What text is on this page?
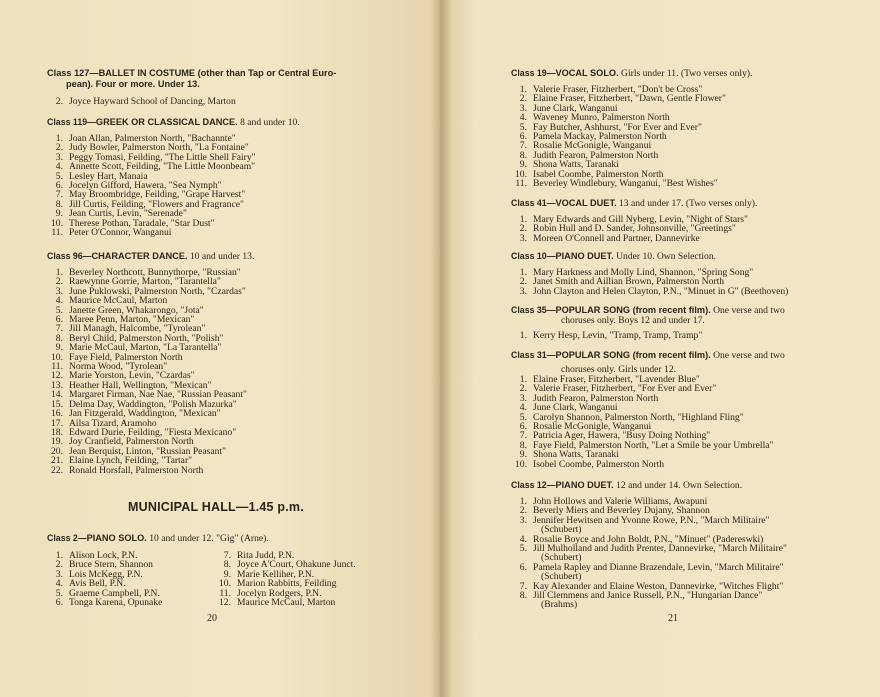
Class 127—BALLET IN COSTUME (other than Tap or Central Euro-
pean). Four or more. Under 13.
2. Joyce Hayward School of Dancing, Marton
Class 119—GREEK OR CLASSICAL DANCE. 8 and under 10.
1. Joan Allan, Palmerston North, "Bachannte"
2. Judy Bowler, Palmerston North, "La Fontaine"
3. Peggy Tomasi, Feilding, "The Little Shell Fairy"
4. Annette Scott, Feilding, "The Little Moonbeam"
5. Lesley Hart, Manaia
6. Jocelyn Gifford, Hawera, "Sea Nymph"
7. May Broombridge, Feilding, "Grape Harvest"
8. Jill Curtis, Feilding, "Flowers and Fragrance"
9. Jean Curtis, Levin, "Serenade"
10. Therese Pothan, Taradale, "Star Dust"
11. Peter O'Connor, Wanganui
Class 96—CHARACTER DANCE. 10 and under 13.
1. Beverley Northcott, Bunnythorpe, "Russian"
2. Raewynne Gorrie, Marton, "Tarantella"
3. June Puklowski, Palmerston North, "Czardas"
4. Maurice McCaul, Marton
5. Janette Green, Whakarongo, "Jota"
6. Maree Penn, Marton, "Mexican"
7. Jill Managh, Halcombe, "Tyrolean"
8. Beryl Child, Palmerston North, "Polish"
9. Marie McCaul, Marton, "La Tarantella"
10. Faye Field, Palmerston North
11. Norma Wood, "Tyrolean"
12. Marie Yorston, Levin, "Czardas"
13. Heather Hall, Wellington, "Mexican"
14. Margaret Firman, Nae Nae, "Russian Peasant"
15. Delma Day, Waddington, "Polish Mazurka"
16. Jan Fitzgerald, Waddington, "Mexican"
17. Ailsa Tizard, Aramoho
18. Edward Durie, Feilding, "Fiesta Mexicano"
19. Joy Cranfield, Palmerston North
20. Jean Berquist, Linton, "Russian Peasant"
21. Elaine Lynch, Feilding, "Tartar"
22. Ronald Horsfall, Palmerston North
MUNICIPAL HALL—1.45 p.m.
Class 2—PIANO SOLO. 10 and under 12. "Gig" (Arne).
1. Alison Lock, P.N.
2. Bruce Stern, Shannon
3. Lois McKegg, P.N.
4. Avis Bell, P.N.
5. Graeme Campbell, P.N.
6. Tonga Karena, Opunake
7. Rita Judd, P.N.
8. Joyce A'Court, Ohakune Junct.
9. Marie Kelliher, P.N.
10. Marion Rabbitts, Feilding
11. Jocelyn Rodgers, P.N.
12. Maurice McCaul, Marton
20
Class 19—VOCAL SOLO. Girls under 11. (Two verses only).
1. Valerie Fraser, Fitzherbert, "Don't be Cross"
2. Elaine Fraser, Fitzherbert, "Dawn, Gentle Flower"
3. June Clark, Wanganui
4. Waveney Munro, Palmerston North
5. Fay Butcher, Ashhurst, "For Ever and Ever"
6. Pamela Mackay, Palmerston North
7. Rosalie McGonigle, Wanganui
8. Judith Fearon, Palmerston North
9. Shona Watts, Taranaki
10. Isabel Coombe, Palmerston North
11. Beverley Windlebury, Wanganui, "Best Wishes"
Class 41—VOCAL DUET. 13 and under 17. (Two verses only).
1. Mary Edwards and Gill Nyberg, Levin, "Night of Stars"
2. Robin Hull and D. Sander, Johnsonville, "Greetings"
3. Moreen O'Connell and Partner, Dannevirke
Class 10—PIANO DUET. Under 10. Own Selection.
1. Mary Harkness and Molly Lind, Shannon, "Spring Song"
2. Janet Smith and Aillian Brown, Palmerston North
3. John Clayton and Helen Clayton, P.N., "Minuet in G" (Beethoven)
Class 35—POPULAR SONG (from recent film). One verse and two
choruses only. Boys 12 and under 17.
1. Kerry Hesp, Levin, "Tramp, Tramp, Tramp"
Class 31—POPULAR SONG (from recent film). One verse and two
choruses only. Girls under 12.
1. Elaine Fraser, Fitzherbert, "Lavender Blue"
2. Valerie Fraser, Fitzherbert, "For Ever and Ever"
3. Judith Fearon, Palmerston North
4. June Clark, Wanganui
5. Carolyn Shannon, Palmerston North, "Highland Fling"
6. Rosalie McGonigle, Wanganui
7. Patricia Ager, Hawera, "Busy Doing Nothing"
8. Faye Field, Palmerston North, "Let a Smile be your Umbrella"
9. Shona Watts, Taranaki
10. Isobel Coombe, Palmerston North
Class 12—PIANO DUET. 12 and under 14. Own Selection.
1. John Hollows and Valerie Williams, Awapuni
2. Beverly Miers and Beverley Dujany, Shannon
3. Jennifer Hewitsen and Yvonne Rowe, P.N., "March Militaire"
(Schubert)
4. Rosalie Boyce and John Boldt, P.N., "Minuet" (Padereswki)
5. Jill Mulholland and Judith Prenter, Dannevirke, "March Militaire"
(Schubert)
6. Pamela Rapley and Dianne Brazendale, Levin, "March Militaire"
(Schubert)
7. Kay Alexander and Elaine Weston, Dannevirke, "Witches Flight"
8. Jill Clemmens and Janice Russell, P.N., "Hungarian Dance"
(Brahms)
21
